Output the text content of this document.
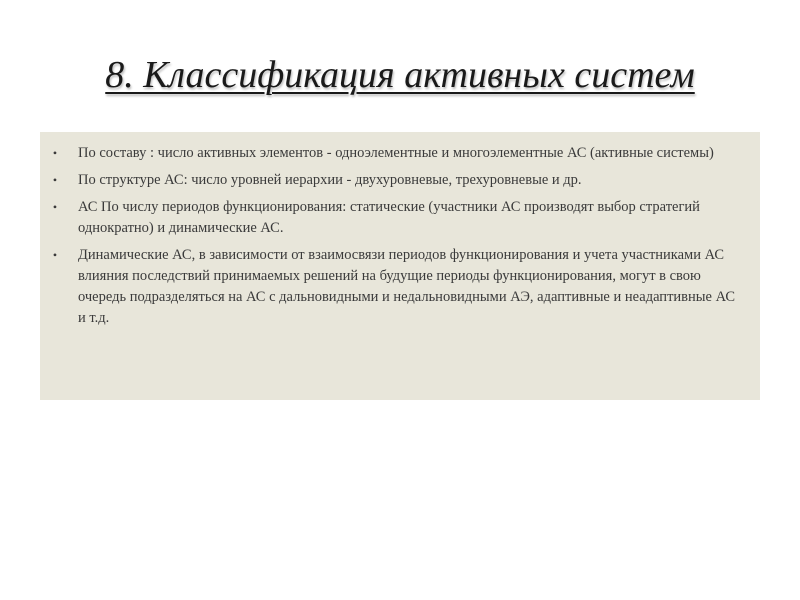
8. Классификация активных систем
• По составу : число активных элементов - одноэлементные и многоэлементные АС (активные системы)
• По структуре АС: число уровней иерархии - двухуровневые, трехуровневые и др.
• АС По числу периодов функционирования: статические (участники АС производят выбор стратегий однократно) и динамические АС.
• Динамические АС, в зависимости от взаимосвязи периодов функционирования и учета участниками АС влияния последствий принимаемых решений на будущие периоды функционирования, могут в свою очередь подразделяться на АС с дальновидными и недальновидными АЭ, адаптивные и неадаптивные АС и т.д.
